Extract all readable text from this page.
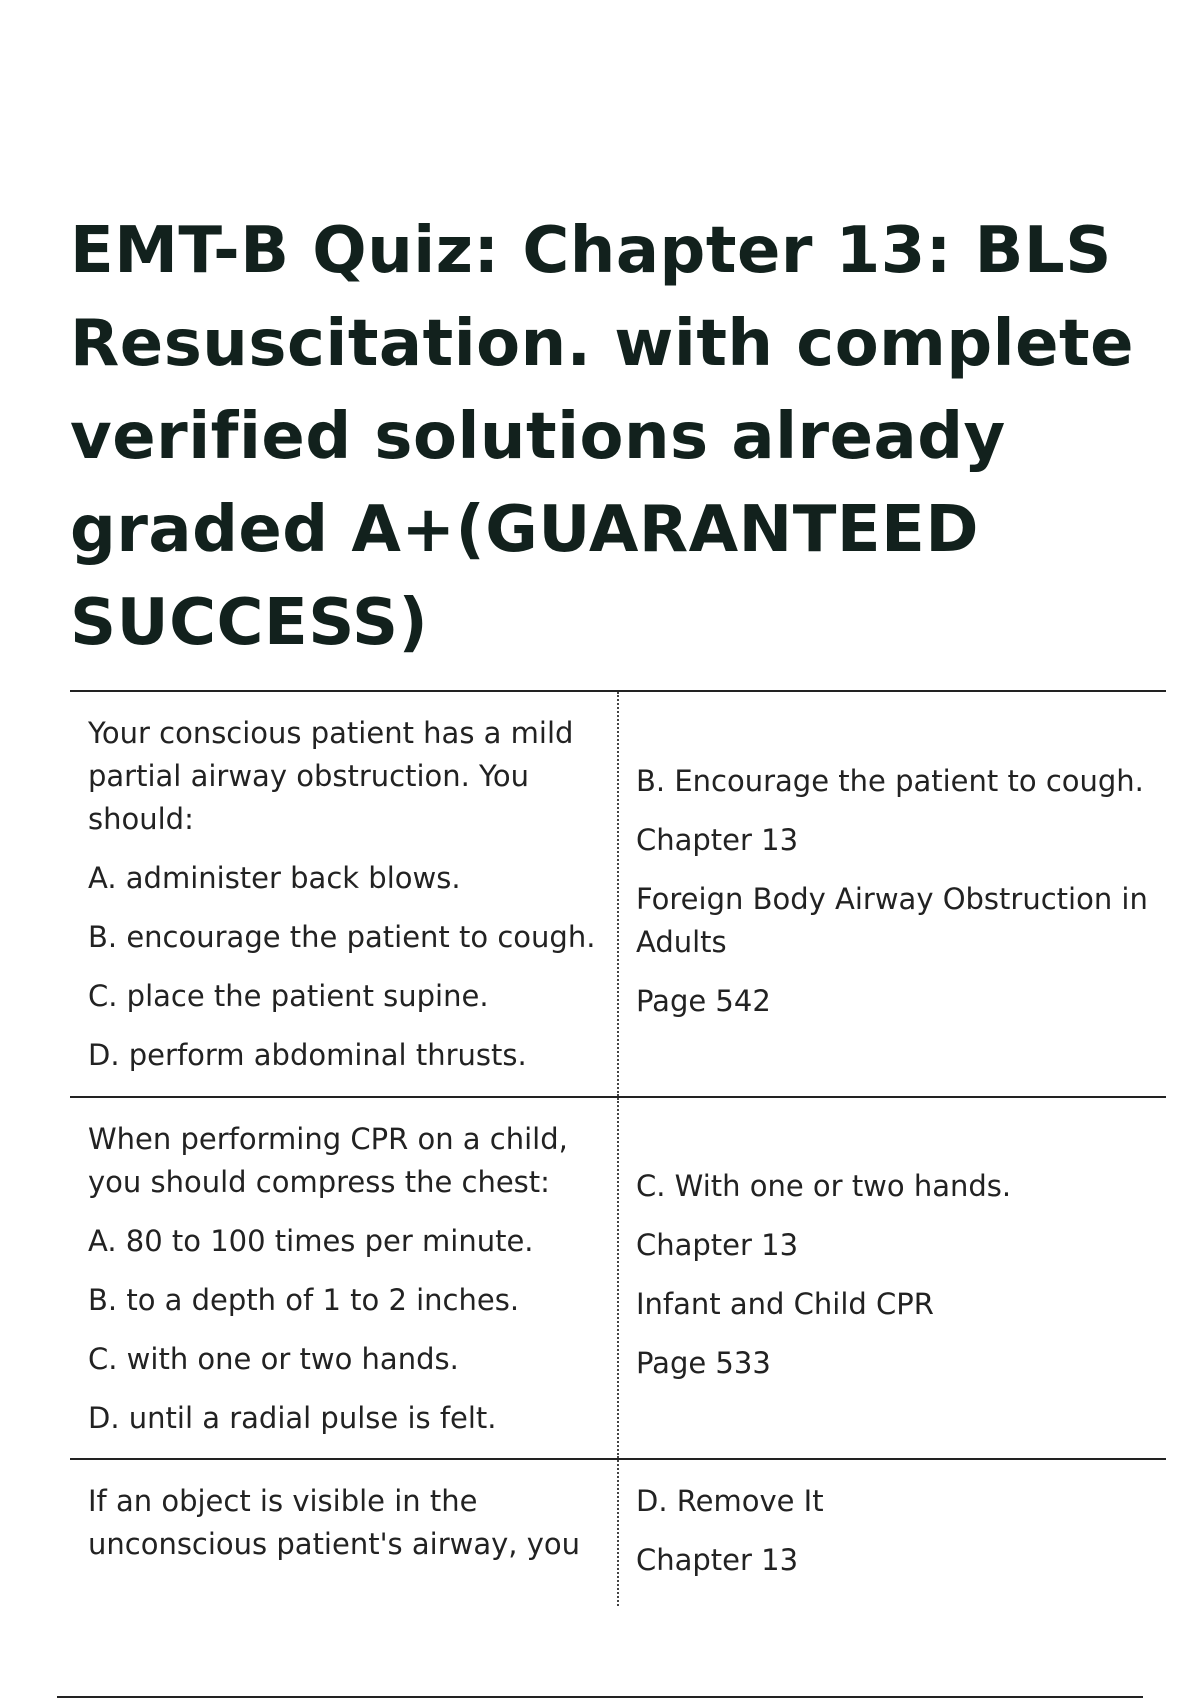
EMT-B Quiz: Chapter 13: BLS Resuscitation. with complete verified solutions already graded A+(GUARANTEED SUCCESS)

Your conscious patient has a mild partial airway obstruction. You should:

A. administer back blows.

B. encourage the patient to cough.

C. place the patient supine.

D. perform abdominal thrusts.

B. Encourage the patient to cough.

Chapter 13

Foreign Body Airway Obstruction in Adults

Page 542

When performing CPR on a child, you should compress the chest:

A. 80 to 100 times per minute.

B. to a depth of 1 to 2 inches.

C. with one or two hands.

D. until a radial pulse is felt.

C. With one or two hands.

Chapter 13

Infant and Child CPR

Page 533

If an object is visible in the unconscious patient's airway, you

D. Remove It

Chapter 13
